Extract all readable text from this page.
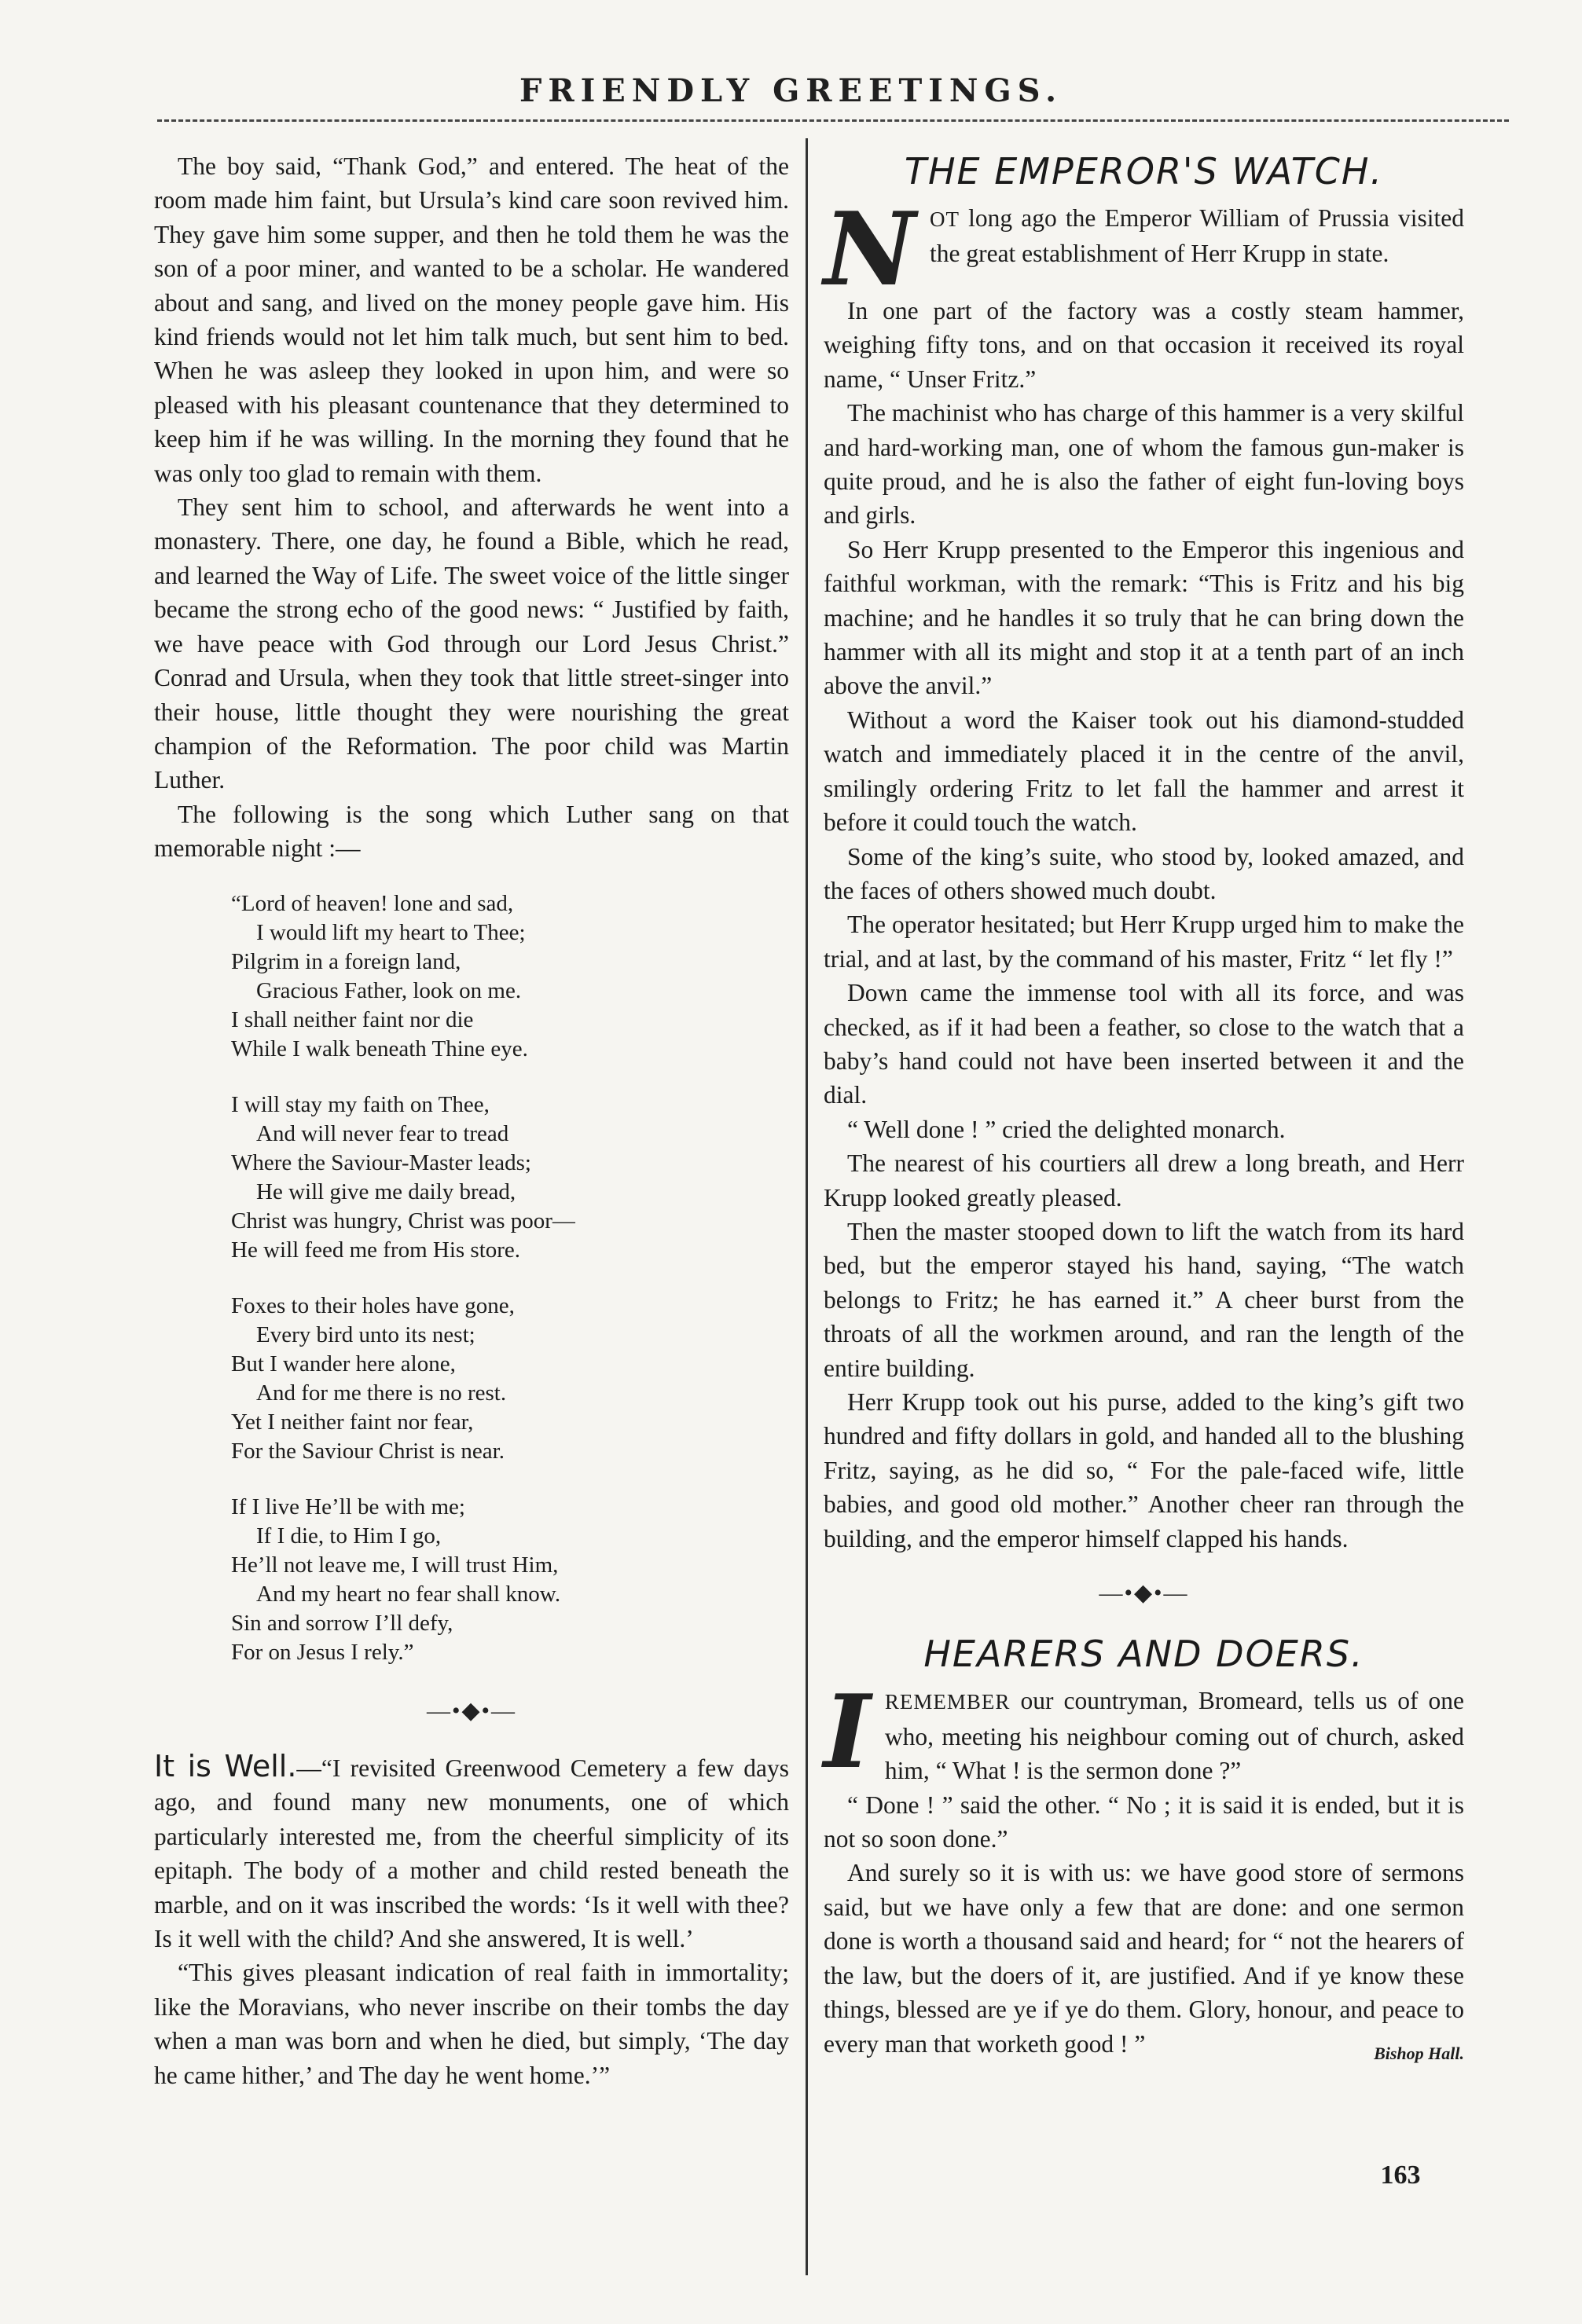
FRIENDLY GREETINGS.

The boy said, “Thank God,” and entered. The heat of the room made him faint, but Ursula’s kind care soon revived him. They gave him some supper, and then he told them he was the son of a poor miner, and wanted to be a scholar. He wandered about and sang, and lived on the money people gave him. His kind friends would not let him talk much, but sent him to bed. When he was asleep they looked in upon him, and were so pleased with his pleasant countenance that they determined to keep him if he was willing. In the morning they found that he was only too glad to remain with them.

They sent him to school, and afterwards he went into a monastery. There, one day, he found a Bible, which he read, and learned the Way of Life. The sweet voice of the little singer became the strong echo of the good news: “ Justified by faith, we have peace with God through our Lord Jesus Christ.” Conrad and Ursula, when they took that little street-singer into their house, little thought they were nourishing the great champion of the Reformation. The poor child was Martin Luther.

The following is the song which Luther sang on that memorable night :—

“Lord of heaven! lone and sad,
I would lift my heart to Thee;
Pilgrim in a foreign land,
Gracious Father, look on me.
I shall neither faint nor die
While I walk beneath Thine eye.
I will stay my faith on Thee,
And will never fear to tread
Where the Saviour-Master leads;
He will give me daily bread,
Christ was hungry, Christ was poor—
He will feed me from His store.
Foxes to their holes have gone,
Every bird unto its nest;
But I wander here alone,
And for me there is no rest.
Yet I neither faint nor fear,
For the Saviour Christ is near.
If I live He’ll be with me;
If I die, to Him I go,
He’ll not leave me, I will trust Him,
And my heart no fear shall know.
Sin and sorrow I’ll defy,
For on Jesus I rely.”
—•◆•—

It is Well.—“I revisited Greenwood Cemetery a few days ago, and found many new monuments, one of which particularly interested me, from the cheerful simplicity of its epitaph. The body of a mother and child rested beneath the marble, and on it was inscribed the words: ‘Is it well with thee? Is it well with the child? And she answered, It is well.’

“This gives pleasant indication of real faith in immortality; like the Moravians, who never inscribe on their tombs the day when a man was born and when he died, but simply, ‘The day he came hither,’ and The day he went home.’”

THE EMPEROR'S WATCH.
N OT long ago the Emperor William of Prussia visited the great establishment of Herr Krupp in state.

In one part of the factory was a costly steam hammer, weighing fifty tons, and on that occasion it received its royal name, “ Unser Fritz.”

The machinist who has charge of this hammer is a very skilful and hard-working man, one of whom the famous gun-maker is quite proud, and he is also the father of eight fun-loving boys and girls.

So Herr Krupp presented to the Emperor this ingenious and faithful workman, with the remark: “This is Fritz and his big machine; and he handles it so truly that he can bring down the hammer with all its might and stop it at a tenth part of an inch above the anvil.”

Without a word the Kaiser took out his diamond-studded watch and immediately placed it in the centre of the anvil, smilingly ordering Fritz to let fall the hammer and arrest it before it could touch the watch.

Some of the king’s suite, who stood by, looked amazed, and the faces of others showed much doubt.

The operator hesitated; but Herr Krupp urged him to make the trial, and at last, by the command of his master, Fritz “ let fly !”

Down came the immense tool with all its force, and was checked, as if it had been a feather, so close to the watch that a baby’s hand could not have been inserted between it and the dial.

“ Well done ! ” cried the delighted monarch.

The nearest of his courtiers all drew a long breath, and Herr Krupp looked greatly pleased.

Then the master stooped down to lift the watch from its hard bed, but the emperor stayed his hand, saying, “The watch belongs to Fritz; he has earned it.” A cheer burst from the throats of all the workmen around, and ran the length of the entire building.

Herr Krupp took out his purse, added to the king’s gift two hundred and fifty dollars in gold, and handed all to the blushing Fritz, saying, as he did so, “ For the pale-faced wife, little babies, and good old mother.” Another cheer ran through the building, and the emperor himself clapped his hands.

—•◆•—
HEARERS AND DOERS.
I REMEMBER our countryman, Bromeard, tells us of one who, meeting his neighbour coming out of church, asked him, “ What ! is the sermon done ?”

“ Done ! ” said the other. “ No ; it is said it is ended, but it is not so soon done.”

And surely so it is with us: we have good store of sermons said, but we have only a few that are done: and one sermon done is worth a thousand said and heard; for “ not the hearers of the law, but the doers of it, are justified. And if ye know these things, blessed are ye if ye do them. Glory, honour, and peace to every man that worketh good ! ”	Bishop Hall.

163
